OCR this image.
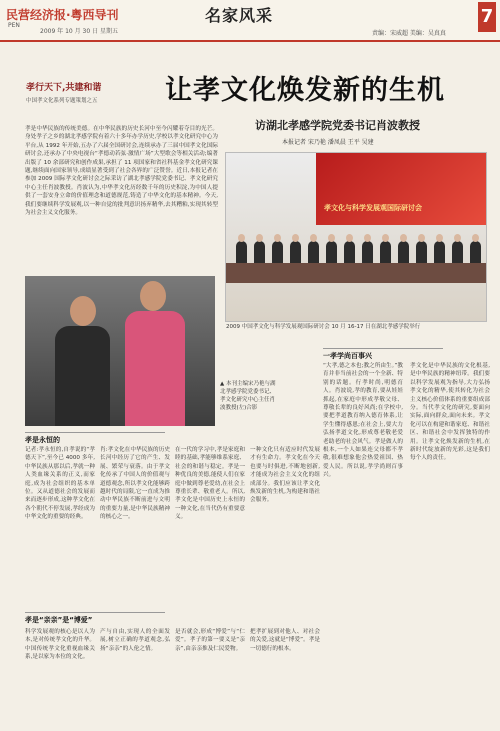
民营经济报·粤西导刊
PEN
2009 年 10 月 30 日 星期五
名家风采
责编：宋威超 美编：吴真真
7
孝行天下,共建和谐
中国孝文化系列专题策划之五	让孝文化焕发新的生机
访湖北孝感学院党委书记肖波教授
本报记者 宋乃艳 潘凤晨 王平 吴建
孝是中华民族的传统美德。在中华民族的历史长河中至今闪耀着夺目的光芒。身处孝子之乡的湖北孝感学院有着六十多年办学历史,学校以孝文化研究中心为平台,从 1992 年开始,五办了六届全国研讨会,连续承办了三届中国孝文化国际研讨会,还承办了中央电视台“孝德动若弦·激情广场”大型歌会等相关活动;编著出版了 10 余部研究和创作成果,承担了 11 项国家和省社科基金孝文化研究课题,继续面向国家领导,成绩显著受到了社会各界的广泛赞誉。近日,本报记者在参加 2009 国际孝文化研讨会之际采访了湖北孝感学院党委书记、孝文化研究中心主任肖波教授。肖波认为,中华孝文化历经数千年的历史积淀,为中国人提供了一套安身立命的价值理念和道德规范,铸造了中华文化的基本精神。今天,我们要继续科学发展观,以一种自觉的批判意识扬弃精华,去其糟粕,实现其转型为社会主义文化服务。
孝文化与科学发展观国际研讨会
2009 中国孝文化与科学发展观国际研讨会 10 月 16-17 日在湖北孝感学院举行
▲ 本刊主编宋乃艳与湖北孝感学院党委书记、孝文化研究中心主任肖波教授(左)合影
孝是永恒的
记者:孝永恒的,自孝说的“孝德天下”,至今已 4000 多年,中华民族从那以后,孝就一种人类血缘关系的正义,而家庭,成为社会组织的基本单位。又从道德社会的发展而来而逐步形成,这种孝文化在各个朝代不停发展,孝经成为中华文化的重要的经典。
肖:孝文化在中华民族的历史长河中经历了它的产生、发展、繁荣与衰落。由于孝文化传承了中国人的价值观与道德观念,所以孝文化能够跨越时代的局限,它一直成为推动中华民族不断前进与文明的重要力量,是中华民族精神的核心之一。
在一代的学习中,孝是家庭和睦的基础,孝能够维系家庭、社会的和谐与稳定。孝是一种优良的美德,能使人们在家庭中做到尊老爱幼,在社会上尊重长辈、敬重老人。所以,孝文化是中国历史上永恒的一种文化,在当代仍有重要意义。
一种文化只有适应时代发展才有生命力。孝文化在今天也要与时俱进,不断地创新,才能成为社会主义文化的组成部分。我们应该让孝文化焕发新的生机,为构建和谐社会服务。
孝是“亲亲”是“博爱”
科学发展观的核心是以人为本,是对传统孝文化的升华。中国传统孝文化重视血缘关系,是以家为本位的文化。
产与自由,实现人的全面发展,树立正确的孝道观念,弘扬“亲亲”的人伦之情。
是否就会,形成“博爱”与“仁爱”。孝子的第一要义是“亲亲”,由亲亲推及仁民爱物。
把孝扩展到对他人、对社会的关爱,这就是“博爱”。孝是一切德行的根本。
一孝学尚百事兴
“大孝,德之本也;教之所由生。”教育并非当前社会的一个全新、特别的话题。行孝时尚,明德育人。肖波说,孝的教育,要从娃娃抓起,在家庭中形成孝敬父母、尊敬长辈的良好风尚;在学校中,要把孝道教育纳入德育体系,让学生懂得感恩;在社会上,要大力弘扬孝道文化,形成尊老敬老爱老助老的社会风气。孝是做人的根本,一个人如果连父母都不孝敬,很难想象他会热爱祖国、热爱人民。所以说,孝学尚则百事兴。
孝文化是中华民族的文化根基,是中华民族的精神纽带。我们要以科学发展观为指导,大力弘扬孝文化的精华,使其转化为社会主义核心价值体系的重要组成部分。当代孝文化的研究,要面向实际,面向群众,面向未来。孝文化可以在构建和谐家庭、和谐社区、和谐社会中发挥独特的作用。让孝文化焕发新的生机,在新时代绽放新的光彩,这是我们每个人的责任。
